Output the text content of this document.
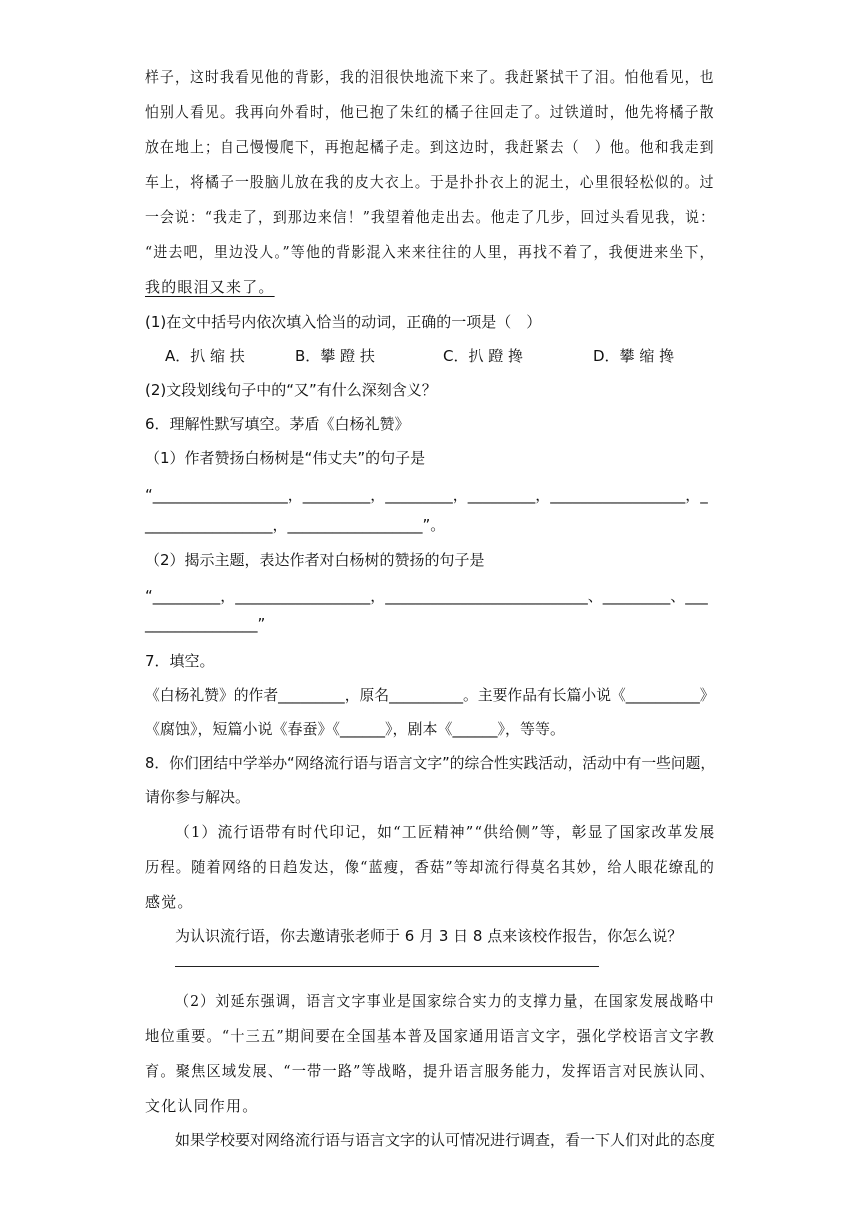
样子，这时我看见他的背影，我的泪很快地流下来了。我赶紧拭干了泪。怕他看见，也
怕别人看见。我再向外看时，他已抱了朱红的橘子往回走了。过铁道时，他先将橘子散
放在地上；自己慢慢爬下，再抱起橘子走。到这边时，我赶紧去（　）他。他和我走到
车上，将橘子一股脑儿放在我的皮大衣上。于是扑扑衣上的泥土，心里很轻松似的。过
一会说：“我走了，到那边来信！”我望着他走出去。他走了几步，回过头看见我，说：
“进去吧，里边没人。”等他的背影混入来来往往的人里，再找不着了，我便进来坐下，
我的眼泪又来了。
(1)在文中括号内依次填入恰当的动词，正确的一项是（　）
A．扒 缩 扶	B．攀 蹬 扶	C．扒 蹬 搀	D．攀 缩 搀
(2)文段划线句子中的“又”有什么深刻含义？
6．理解性默写填空。茅盾《白杨礼赞》
（1）作者赞扬白杨树是“伟丈夫”的句子是
“__________________，_________，_________，_________，__________________，_
_________________，__________________”。
（2）揭示主题，表达作者对白杨树的赞扬的句子是
“_________，__________________，___________________________、_________、___
_______________”
7．填空。
《白杨礼赞》的作者_________，原名__________。主要作品有长篇小说《__________》
《腐蚀》，短篇小说《春蚕》《______》，剧本《______》，等等。
8．你们团结中学举办“网络流行语与语言文字”的综合性实践活动，活动中有一些问题，
请你参与解决。
（1）流行语带有时代印记，如“工匠精神”“供给侧”等，彰显了国家改革发展
历程。随着网络的日趋发达，像“蓝瘦，香菇”等却流行得莫名其妙，给人眼花缭乱的
感觉。
为认识流行语，你去邀请张老师于 6 月 3 日 8 点来该校作报告，你怎么说？
（2）刘延东强调，语言文字事业是国家综合实力的支撑力量，在国家发展战略中
地位重要。“十三五”期间要在全国基本普及国家通用语言文字，强化学校语言文字教
育。聚焦区域发展、“一带一路”等战略，提升语言服务能力，发挥语言对民族认同、
文化认同作用。
如果学校要对网络流行语与语言文字的认可情况进行调查，看一下人们对此的态度
